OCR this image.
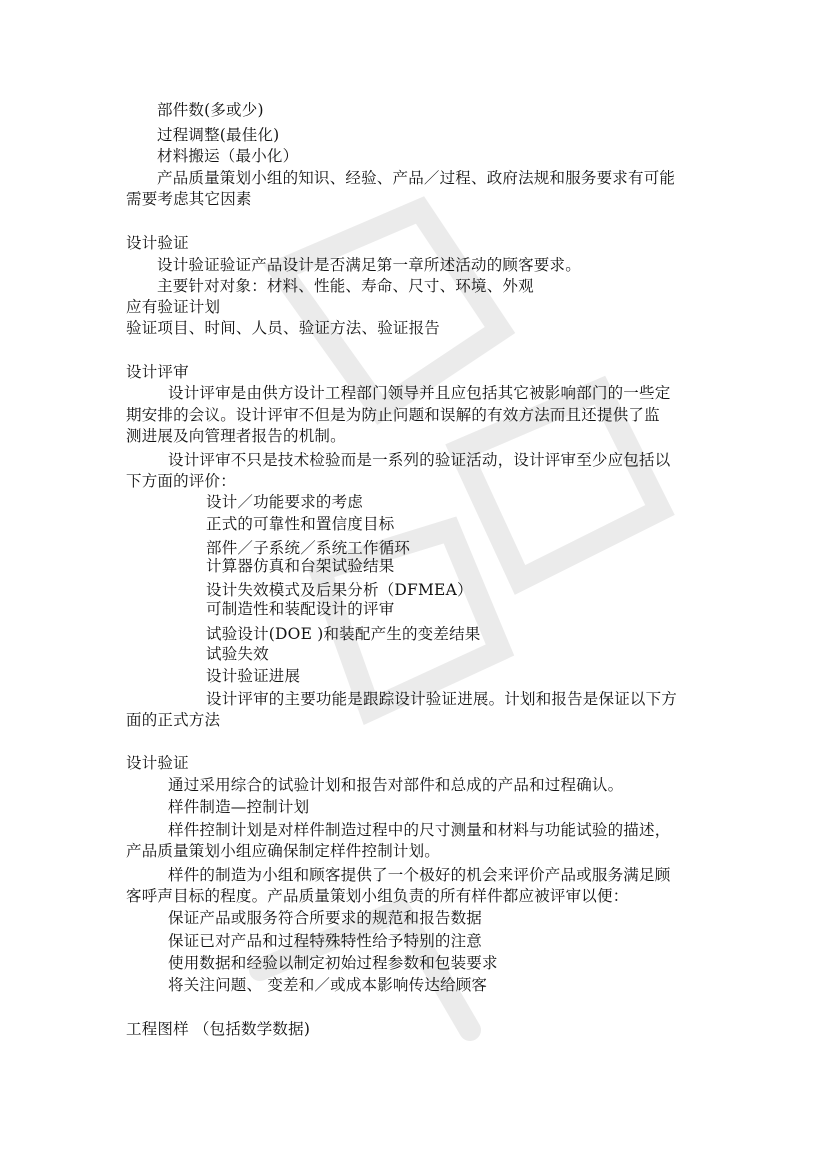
部件数(多或少)
过程调整(最佳化)
材料搬运（最小化）
产品质量策划小组的知识、经验、产品／过程、政府法规和服务要求有可能
需要考虑其它因素
设计验证
设计验证验证产品设计是否满足第一章所述活动的顾客要求。
主要针对对象：材料、性能、寿命、尺寸、环境、外观
应有验证计划
验证项目、时间、人员、验证方法、验证报告
设计评审
设计评审是由供方设计工程部门领导并且应包括其它被影响部门的一些定
期安排的会议。设计评审不但是为防止问题和误解的有效方法而且还提供了监
测进展及向管理者报告的机制。
设计评审不只是技术检验而是一系列的验证活动，设计评审至少应包括以
下方面的评价：
设计／功能要求的考虑
正式的可靠性和置信度目标
部件／子系统／系统工作循环
计算器仿真和台架试验结果
设计失效模式及后果分析（DFMEA）
可制造性和装配设计的评审
试验设计(DOE )和装配产生的变差结果
试验失效
设计验证进展
设计评审的主要功能是跟踪设计验证进展。计划和报告是保证以下方
面的正式方法
设计验证
通过采用综合的试验计划和报告对部件和总成的产品和过程确认。
样件制造—控制计划
样件控制计划是对样件制造过程中的尺寸测量和材料与功能试验的描述，
产品质量策划小组应确保制定样件控制计划。
样件的制造为小组和顾客提供了一个极好的机会来评价产品或服务满足顾
客呼声目标的程度。产品质量策划小组负责的所有样件都应被评审以便：
保证产品或服务符合所要求的规范和报告数据
保证已对产品和过程特殊特性给予特别的注意
使用数据和经验以制定初始过程参数和包装要求
将关注问题、 变差和／或成本影响传达给顾客
工程图样 （包括数学数据)
